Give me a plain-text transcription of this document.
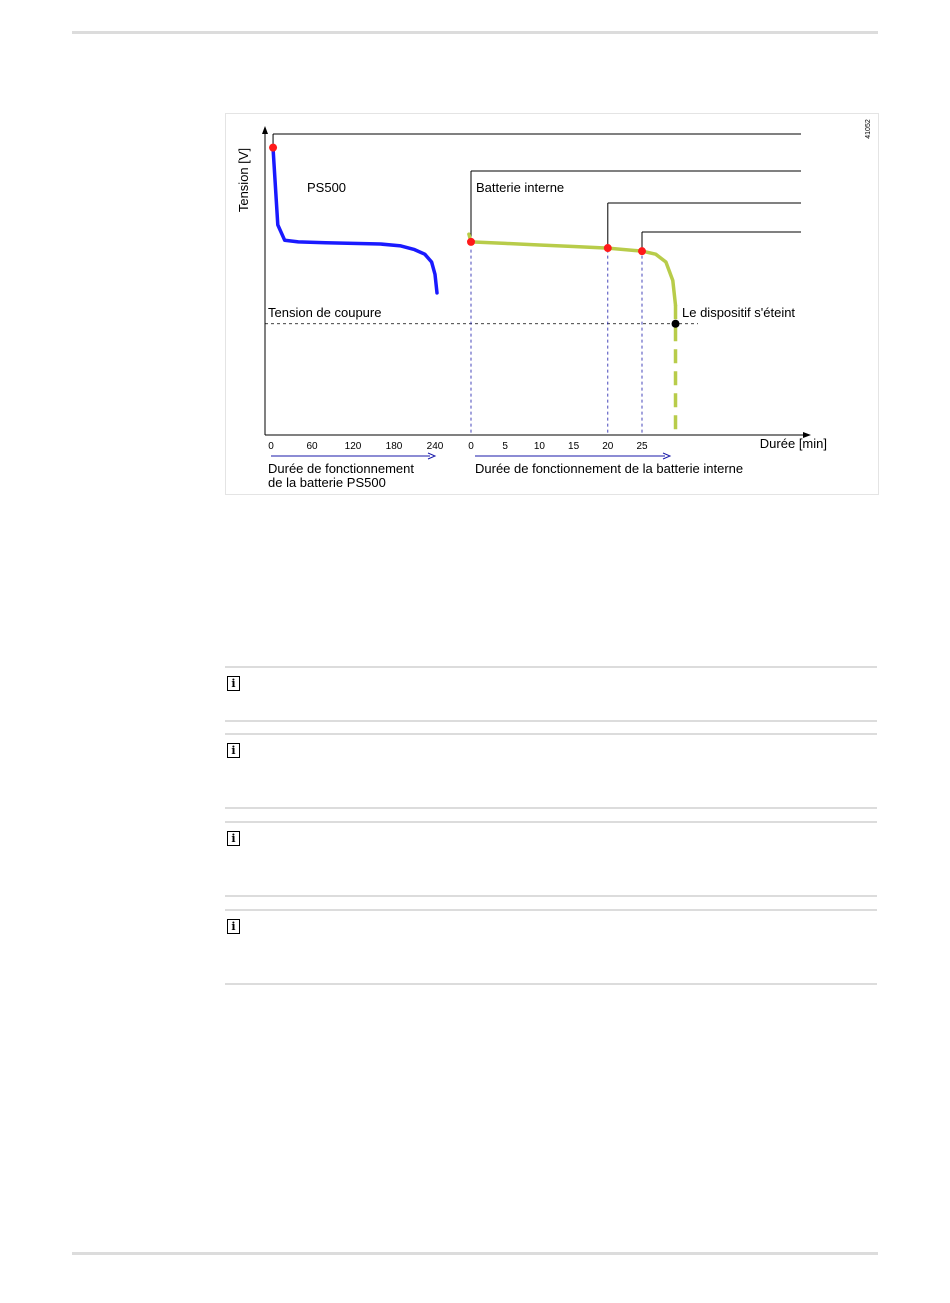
Tension [V]
Durée [min]
0	60	120 180 240 0	5	10 15 20 25
PS500	Batterie interne
Tension de coupure	Le dispositif s'éteint
Durée de fonctionnement
de la batterie PS500
Durée de fonctionnement de la batterie interne
41052
i
i
i
i
